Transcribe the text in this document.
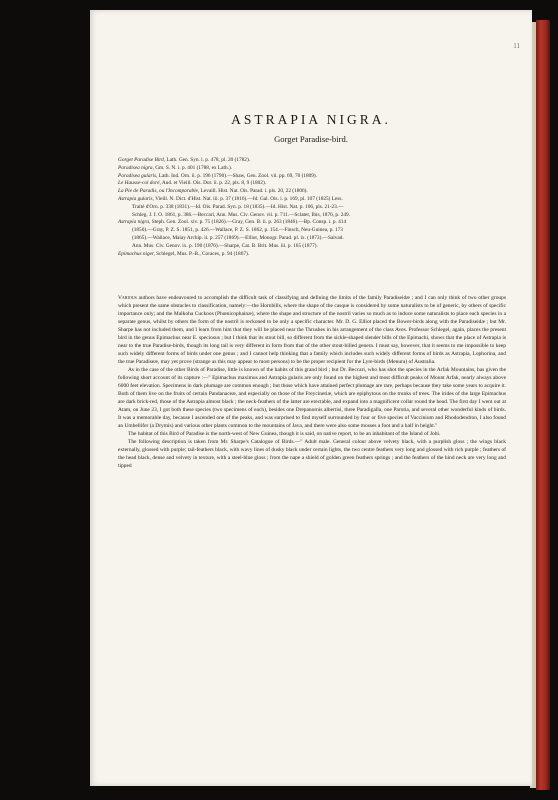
11
ASTRAPIA NIGRA.
Gorget Paradise-bird.
Gorget Paradise Bird, Lath. Gen. Syn. i. p. 478, pl. 20 (1782).
Paradisea nigra, Gm. S. N. i. p. 401 (1788, ex Lath.).
Paradisea gularis, Lath. Ind. Orn. ii. p. 196 (1790).—Shaw, Gen. Zool. vii. pp. 69, 70 (1809).
Le Hausse-col doré, Aud. et Vieill. Ois. Dor. ii. p. 22, pls. 8, 9 (1802).
La Pie de Paradis, ou l'Incomparable, Levaill. Hist. Nat. Ois. Parad. i. pls. 20, 22 (1806).
Astrapia gularis, Vieill. N. Dict. d'Hist. Nat. iii. p. 37 (1816).—Id. Gal. Ois. i. p. 169, pl. 107 (1825) Less.
Traité d'Orn. p. 338 (1831).—Id. Ois. Parad. Syn. p. 18 (1835).—Id. Hist. Nat. p. 106, pls. 21-23.—
Schleg. J. f. O. 1861, p. 386.—Beccari, Ann. Mus. Civ. Genov. vii. p. 711.—Sclater, Ibis, 1876, p. 249.
Astrapia nigra, Steph. Gen. Zool. xiv. p. 75 (1826).—Gray, Gen. B. ii. p. 263 (1846).—Bp. Consp. i. p. 414
(1850).—Gray, P. Z. S. 1851, p. 426.—Wallace, P. Z. S. 1862, p. 154.—Finsch, Neu-Guinea, p. 173
(1865).—Wallace, Malay Archip. ii. p. 257 (1869).—Elliot, Monogr. Parad. pl. ix. (1873).—Salvad.
Ann. Mus. Civ. Genov. ix. p. 190 (1876).—Sharpe, Cat. B. Brit. Mus. iii. p. 165 (1877).
Epimachus niger, Schlegel, Mus. P.-B., Coraces, p. 94 (1867).

Various authors have endeavoured to accomplish the difficult task of classifying and defining the limits of the family Paradiseidæ ; and I can only think of two other groups which present the same obstacles to classification, namely:—the Hornbills, where the shape of the casque is considered by some naturalists to be of generic, by others of specific importance only; and the Malkoha Cuckoos (Phœnicophainæ), where the shape and structure of the nostril varies so much as to induce some naturalists to place each species in a separate genus, whilst by others the form of the nostril is reckoned to be only a specific character. Mr. D. G. Elliot placed the Bower-birds along with the Paradiseidæ ; but Mr. Sharpe has not included them, and I learn from him that they will be placed near the Thrushes in his arrangement of the class Aves. Professor Schlegel, again, places the present bird in the genus Epimachus near E. speciosus ; but I think that its stout bill, so different from the sickle-shaped slender bills of the Epimachi, shows that the place of Astrapia is near to the true Paradise-birds, though its long tail is very different in form from that of the other stout-billed genera. I must say, however, that it seems to me impossible to keep such widely different forms of birds under one genus ; and I cannot help thinking that a family which includes such widely different forms of birds as Astrapia, Lophorina, and the true Paradiseæ, may yet prove (strange as this may appear to most persons) to be the proper recipient for the Lyre-birds (Menura) of Australia.

As in the case of the other Birds of Paradise, little is known of the habits of this grand bird ; but Dr. Beccari, who has shot the species in the Arfak Mountains, has given the following short account of its capture :—" Epimachus maximus and Astrapia gularis are only found on the highest and most difficult peaks of Mount Arfak, nearly always above 6000 feet elevation. Specimens in dark plumage are common enough ; but those which have attained perfect plumage are rare, perhaps because they take some years to acquire it. Both of them live on the fruits of certain Pandanaceæ, and especially on those of the Freycinetiæ, which are epiphytous on the trunks of trees. The irides of the large Epimachus are dark brick-red, those of the Astrapia almost black ; the neck-feathers of the latter are erectable, and expand into a magnificent collar round the head. The first day I went out at Atam, on June 23, I got both these species (two specimens of each), besides one Drepanornis albertisi, three Paradigalla, one Parotia, and several other wonderful kinds of birds. It was a memorable day, because I ascended one of the peaks, and was surprised to find myself surrounded by four or five species of Vaccinium and Rhododendron, I also found an Umbellifer (a Drymis) and various other plants common to the mountains of Java, and there were also some mosses a foot and a half in height."

The habitat of this Bird of Paradise is the north-west of New Guinea, though it is said, on native report, to be an inhabitant of the Island of Jobi.

The following description is taken from Mr. Sharpe's Catalogue of Birds.—" Adult male. General colour above velvety black, with a purplish gloss ; the wings black externally, glossed with purple; tail-feathers black, with wavy lines of dusky black under certain lights, the two centre feathers very long and glossed with rich purple ; feathers of the head black, dense and velvety in texture, with a steel-blue gloss ; from the nape a shield of golden green feathers springs ; and the feathers of the hind neck are very long and tipped
